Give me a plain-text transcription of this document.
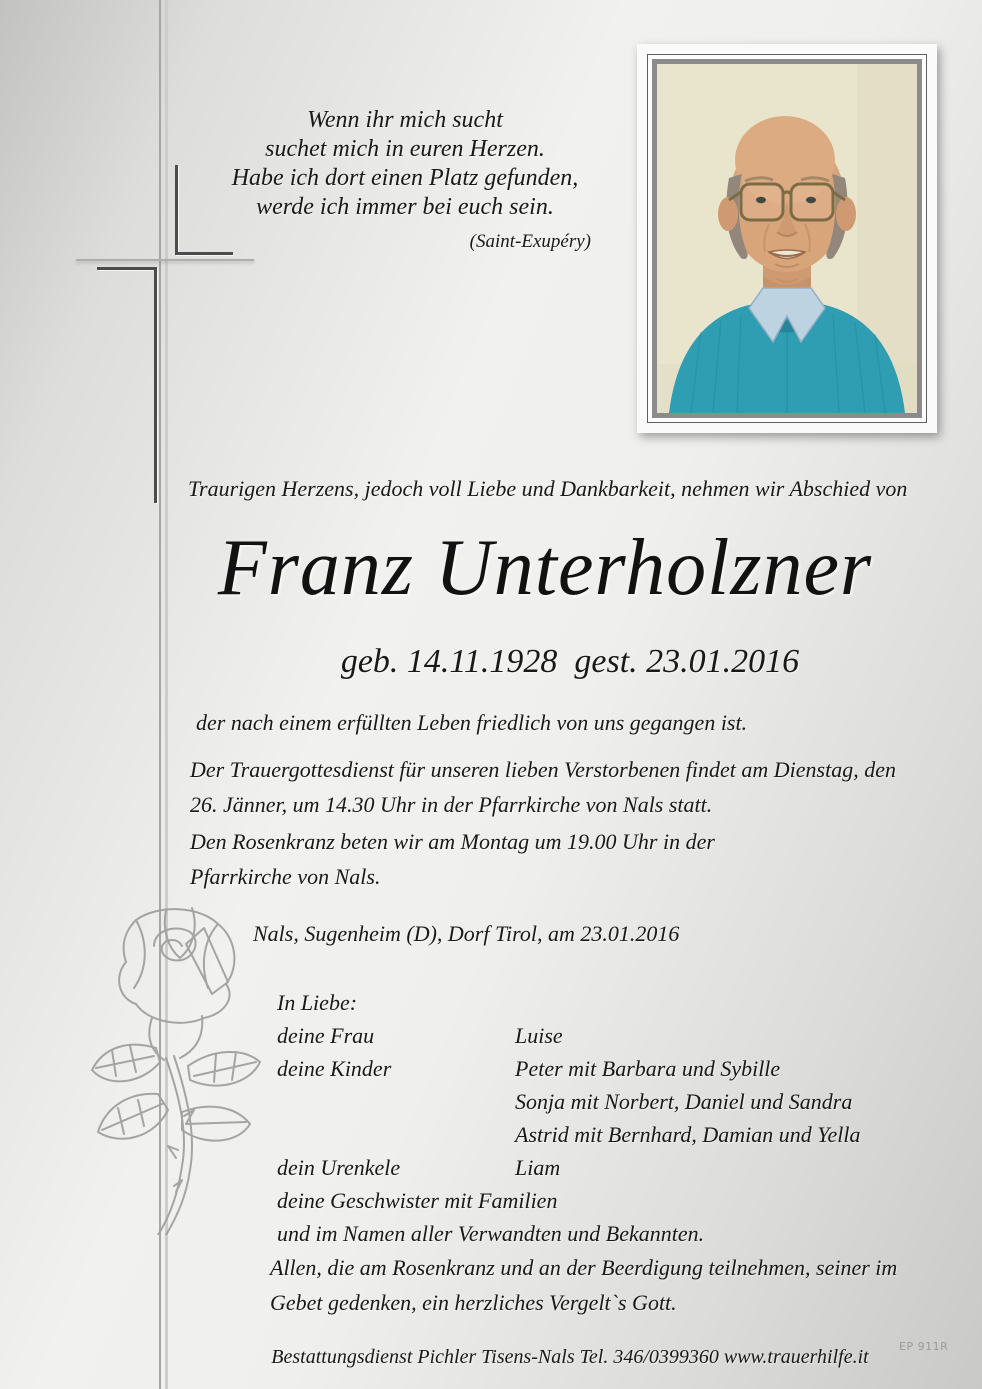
Wenn ihr mich sucht
suchet mich in euren Herzen.
Habe ich dort einen Platz gefunden,
werde ich immer bei euch sein.
(Saint-Exupéry)
Traurigen Herzens, jedoch voll Liebe und Dankbarkeit, nehmen wir Abschied von
Franz Unterholzner
geb. 14.11.1928  gest. 23.01.2016
der nach einem erfüllten Leben friedlich von uns gegangen ist.
Der Trauergottesdienst für unseren lieben Verstorbenen findet am Dienstag, den
26. Jänner, um 14.30 Uhr in der Pfarrkirche von Nals statt.
Den Rosenkranz beten wir am Montag um 19.00 Uhr in der
Pfarrkirche von Nals.
Nals, Sugenheim (D), Dorf Tirol, am 23.01.2016
In Liebe:
deine Frau	Luise
deine Kinder	Peter mit Barbara und Sybille
Sonja mit Norbert, Daniel und Sandra
Astrid mit Bernhard, Damian und Yella
dein Urenkele	Liam
deine Geschwister mit Familien
und im Namen aller Verwandten und Bekannten.
Allen, die am Rosenkranz und an der Beerdigung teilnehmen, seiner im
Gebet gedenken, ein herzliches Vergelt`s Gott.
Bestattungsdienst Pichler Tisens-Nals Tel. 346/0399360 www.trauerhilfe.it	EP 911R
